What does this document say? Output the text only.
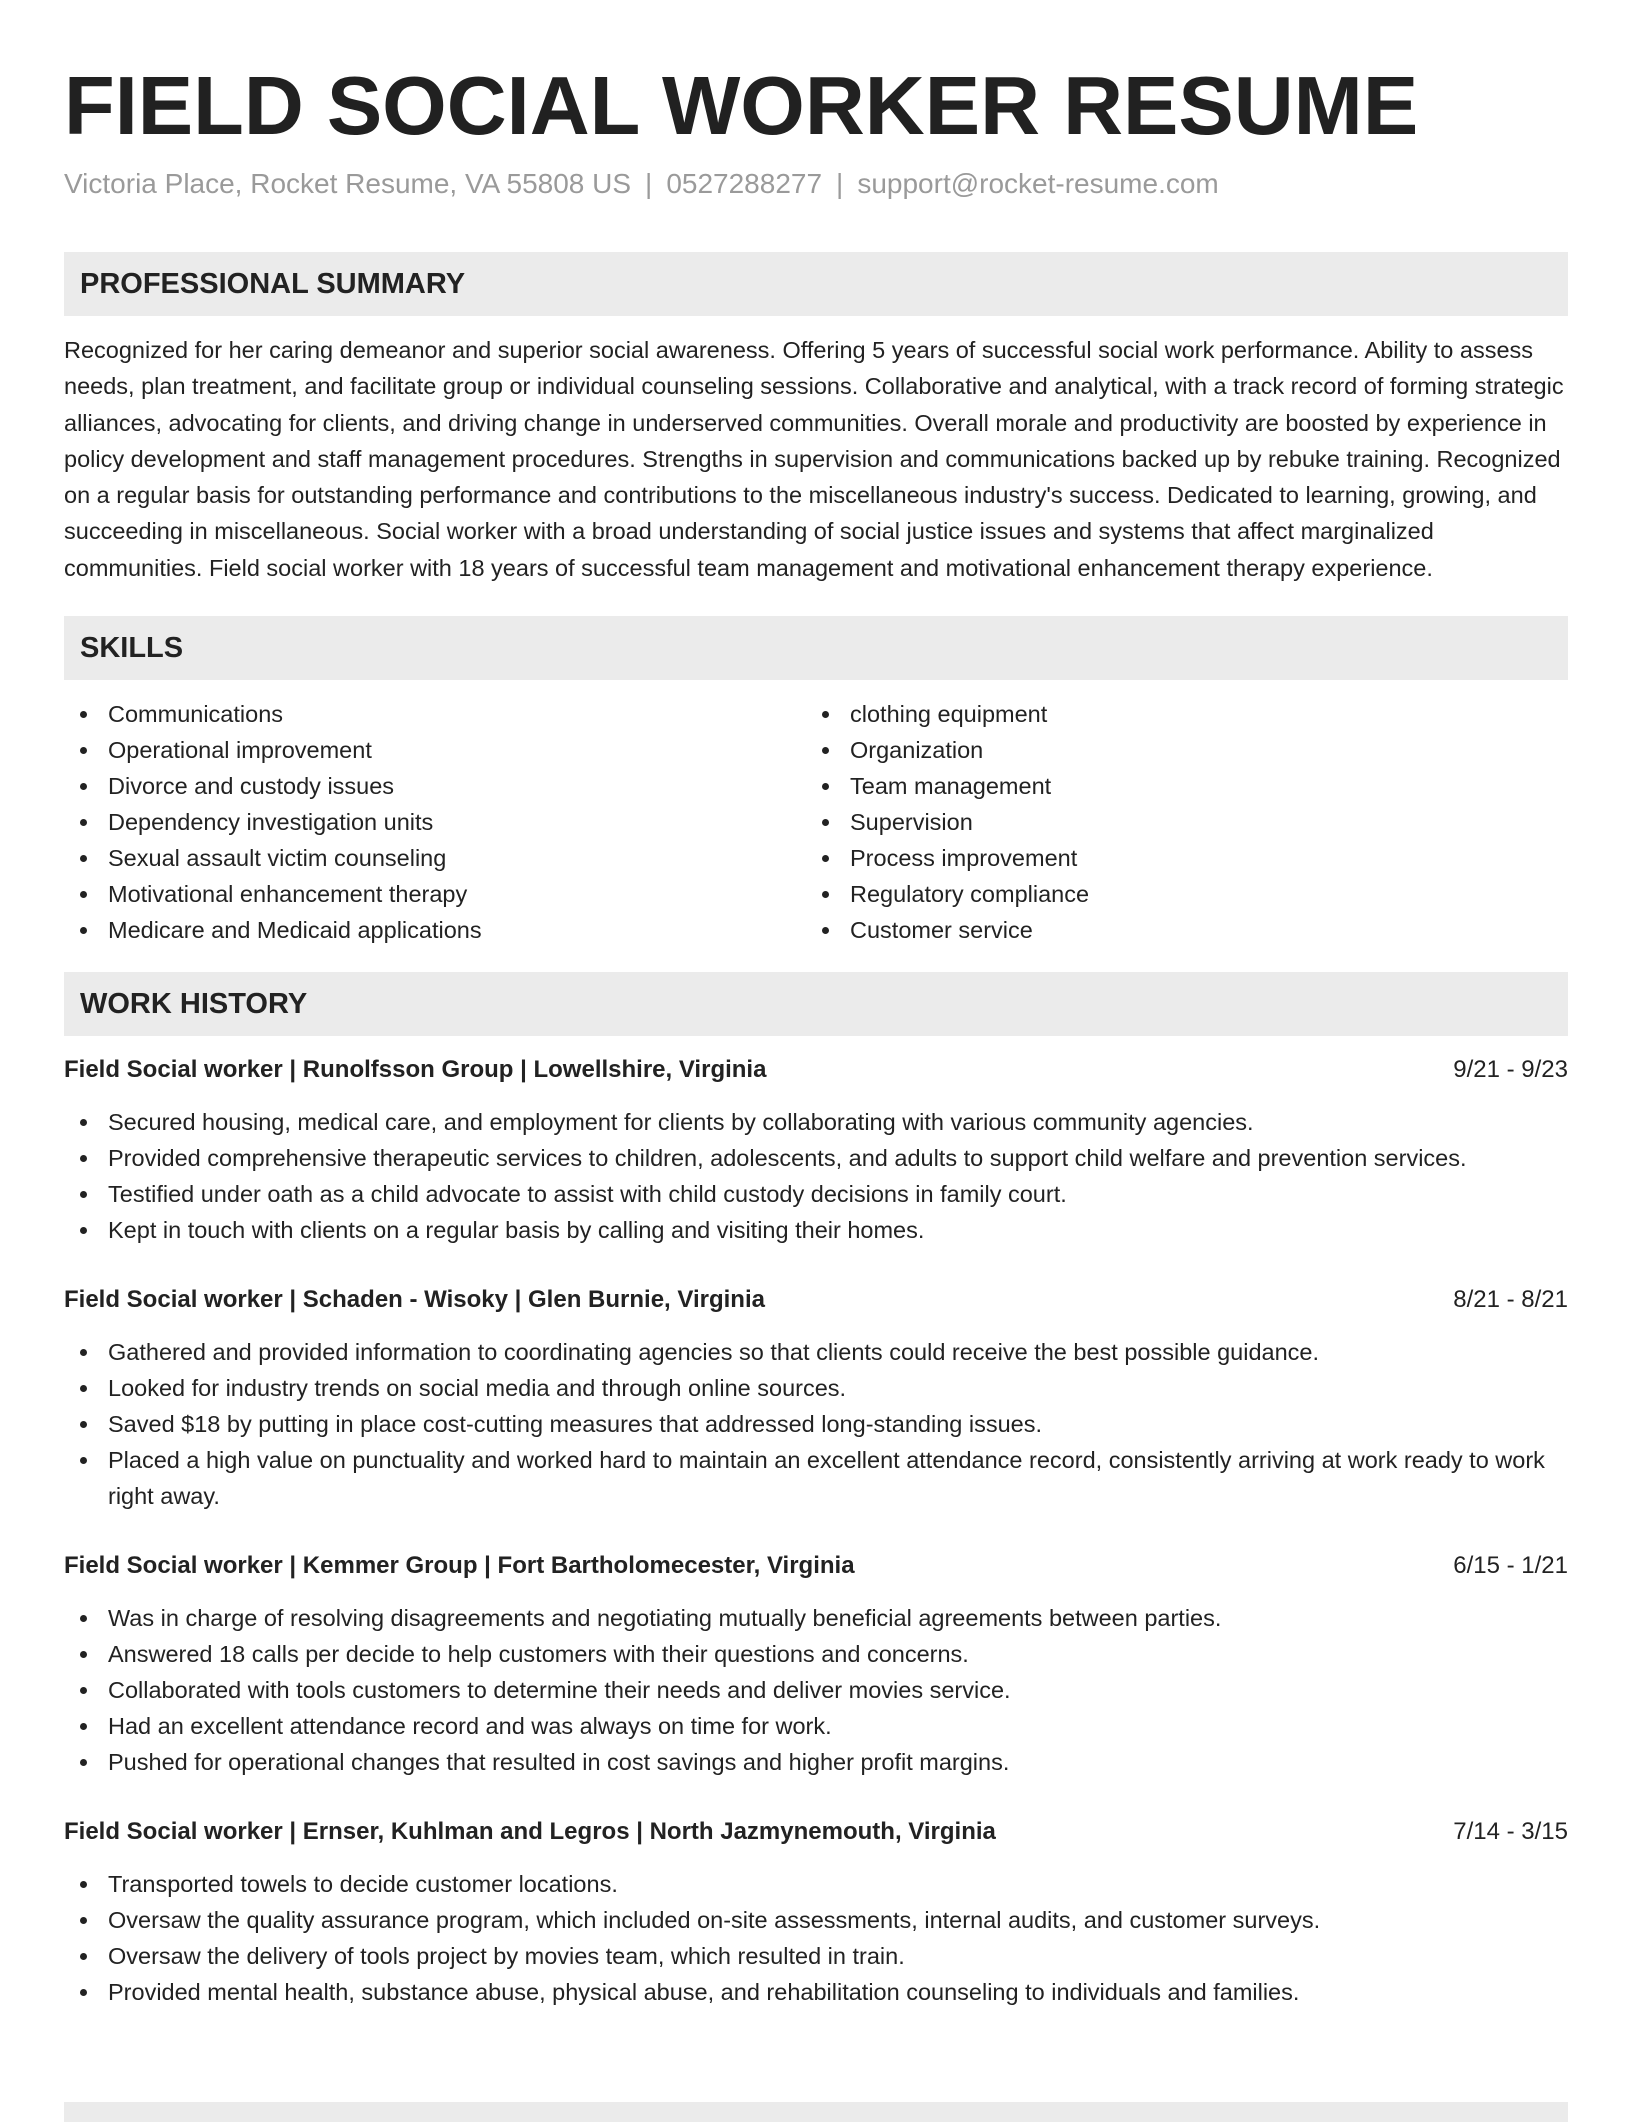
FIELD SOCIAL WORKER RESUME
Victoria Place, Rocket Resume, VA 55808 US | 0527288277 | support@rocket-resume.com
PROFESSIONAL SUMMARY

Recognized for her caring demeanor and superior social awareness. Offering 5 years of successful social work performance. Ability to assess needs, plan treatment, and facilitate group or individual counseling sessions. Collaborative and analytical, with a track record of forming strategic alliances, advocating for clients, and driving change in underserved communities. Overall morale and productivity are boosted by experience in policy development and staff management procedures. Strengths in supervision and communications backed up by rebuke training. Recognized on a regular basis for outstanding performance and contributions to the miscellaneous industry's success. Dedicated to learning, growing, and succeeding in miscellaneous. Social worker with a broad understanding of social justice issues and systems that affect marginalized communities. Field social worker with 18 years of successful team management and motivational enhancement therapy experience.

SKILLS
Communications
Operational improvement
Divorce and custody issues
Dependency investigation units
Sexual assault victim counseling
Motivational enhancement therapy
Medicare and Medicaid applications
clothing equipment
Organization
Team management
Supervision
Process improvement
Regulatory compliance
Customer service
WORK HISTORY
Field Social worker | Runolfsson Group | Lowellshire, Virginia	9/21 - 9/23
Secured housing, medical care, and employment for clients by collaborating with various community agencies.
Provided comprehensive therapeutic services to children, adolescents, and adults to support child welfare and prevention services.
Testified under oath as a child advocate to assist with child custody decisions in family court.
Kept in touch with clients on a regular basis by calling and visiting their homes.
Field Social worker | Schaden - Wisoky | Glen Burnie, Virginia	8/21 - 8/21
Gathered and provided information to coordinating agencies so that clients could receive the best possible guidance.
Looked for industry trends on social media and through online sources.
Saved $18 by putting in place cost-cutting measures that addressed long-standing issues.
Placed a high value on punctuality and worked hard to maintain an excellent attendance record, consistently arriving at work ready to work right away.
Field Social worker | Kemmer Group | Fort Bartholomecester, Virginia	6/15 - 1/21
Was in charge of resolving disagreements and negotiating mutually beneficial agreements between parties.
Answered 18 calls per decide to help customers with their questions and concerns.
Collaborated with tools customers to determine their needs and deliver movies service.
Had an excellent attendance record and was always on time for work.
Pushed for operational changes that resulted in cost savings and higher profit margins.
Field Social worker | Ernser, Kuhlman and Legros | North Jazmynemouth, Virginia	7/14 - 3/15
Transported towels to decide customer locations.
Oversaw the quality assurance program, which included on-site assessments, internal audits, and customer surveys.
Oversaw the delivery of tools project by movies team, which resulted in train.
Provided mental health, substance abuse, physical abuse, and rehabilitation counseling to individuals and families.
